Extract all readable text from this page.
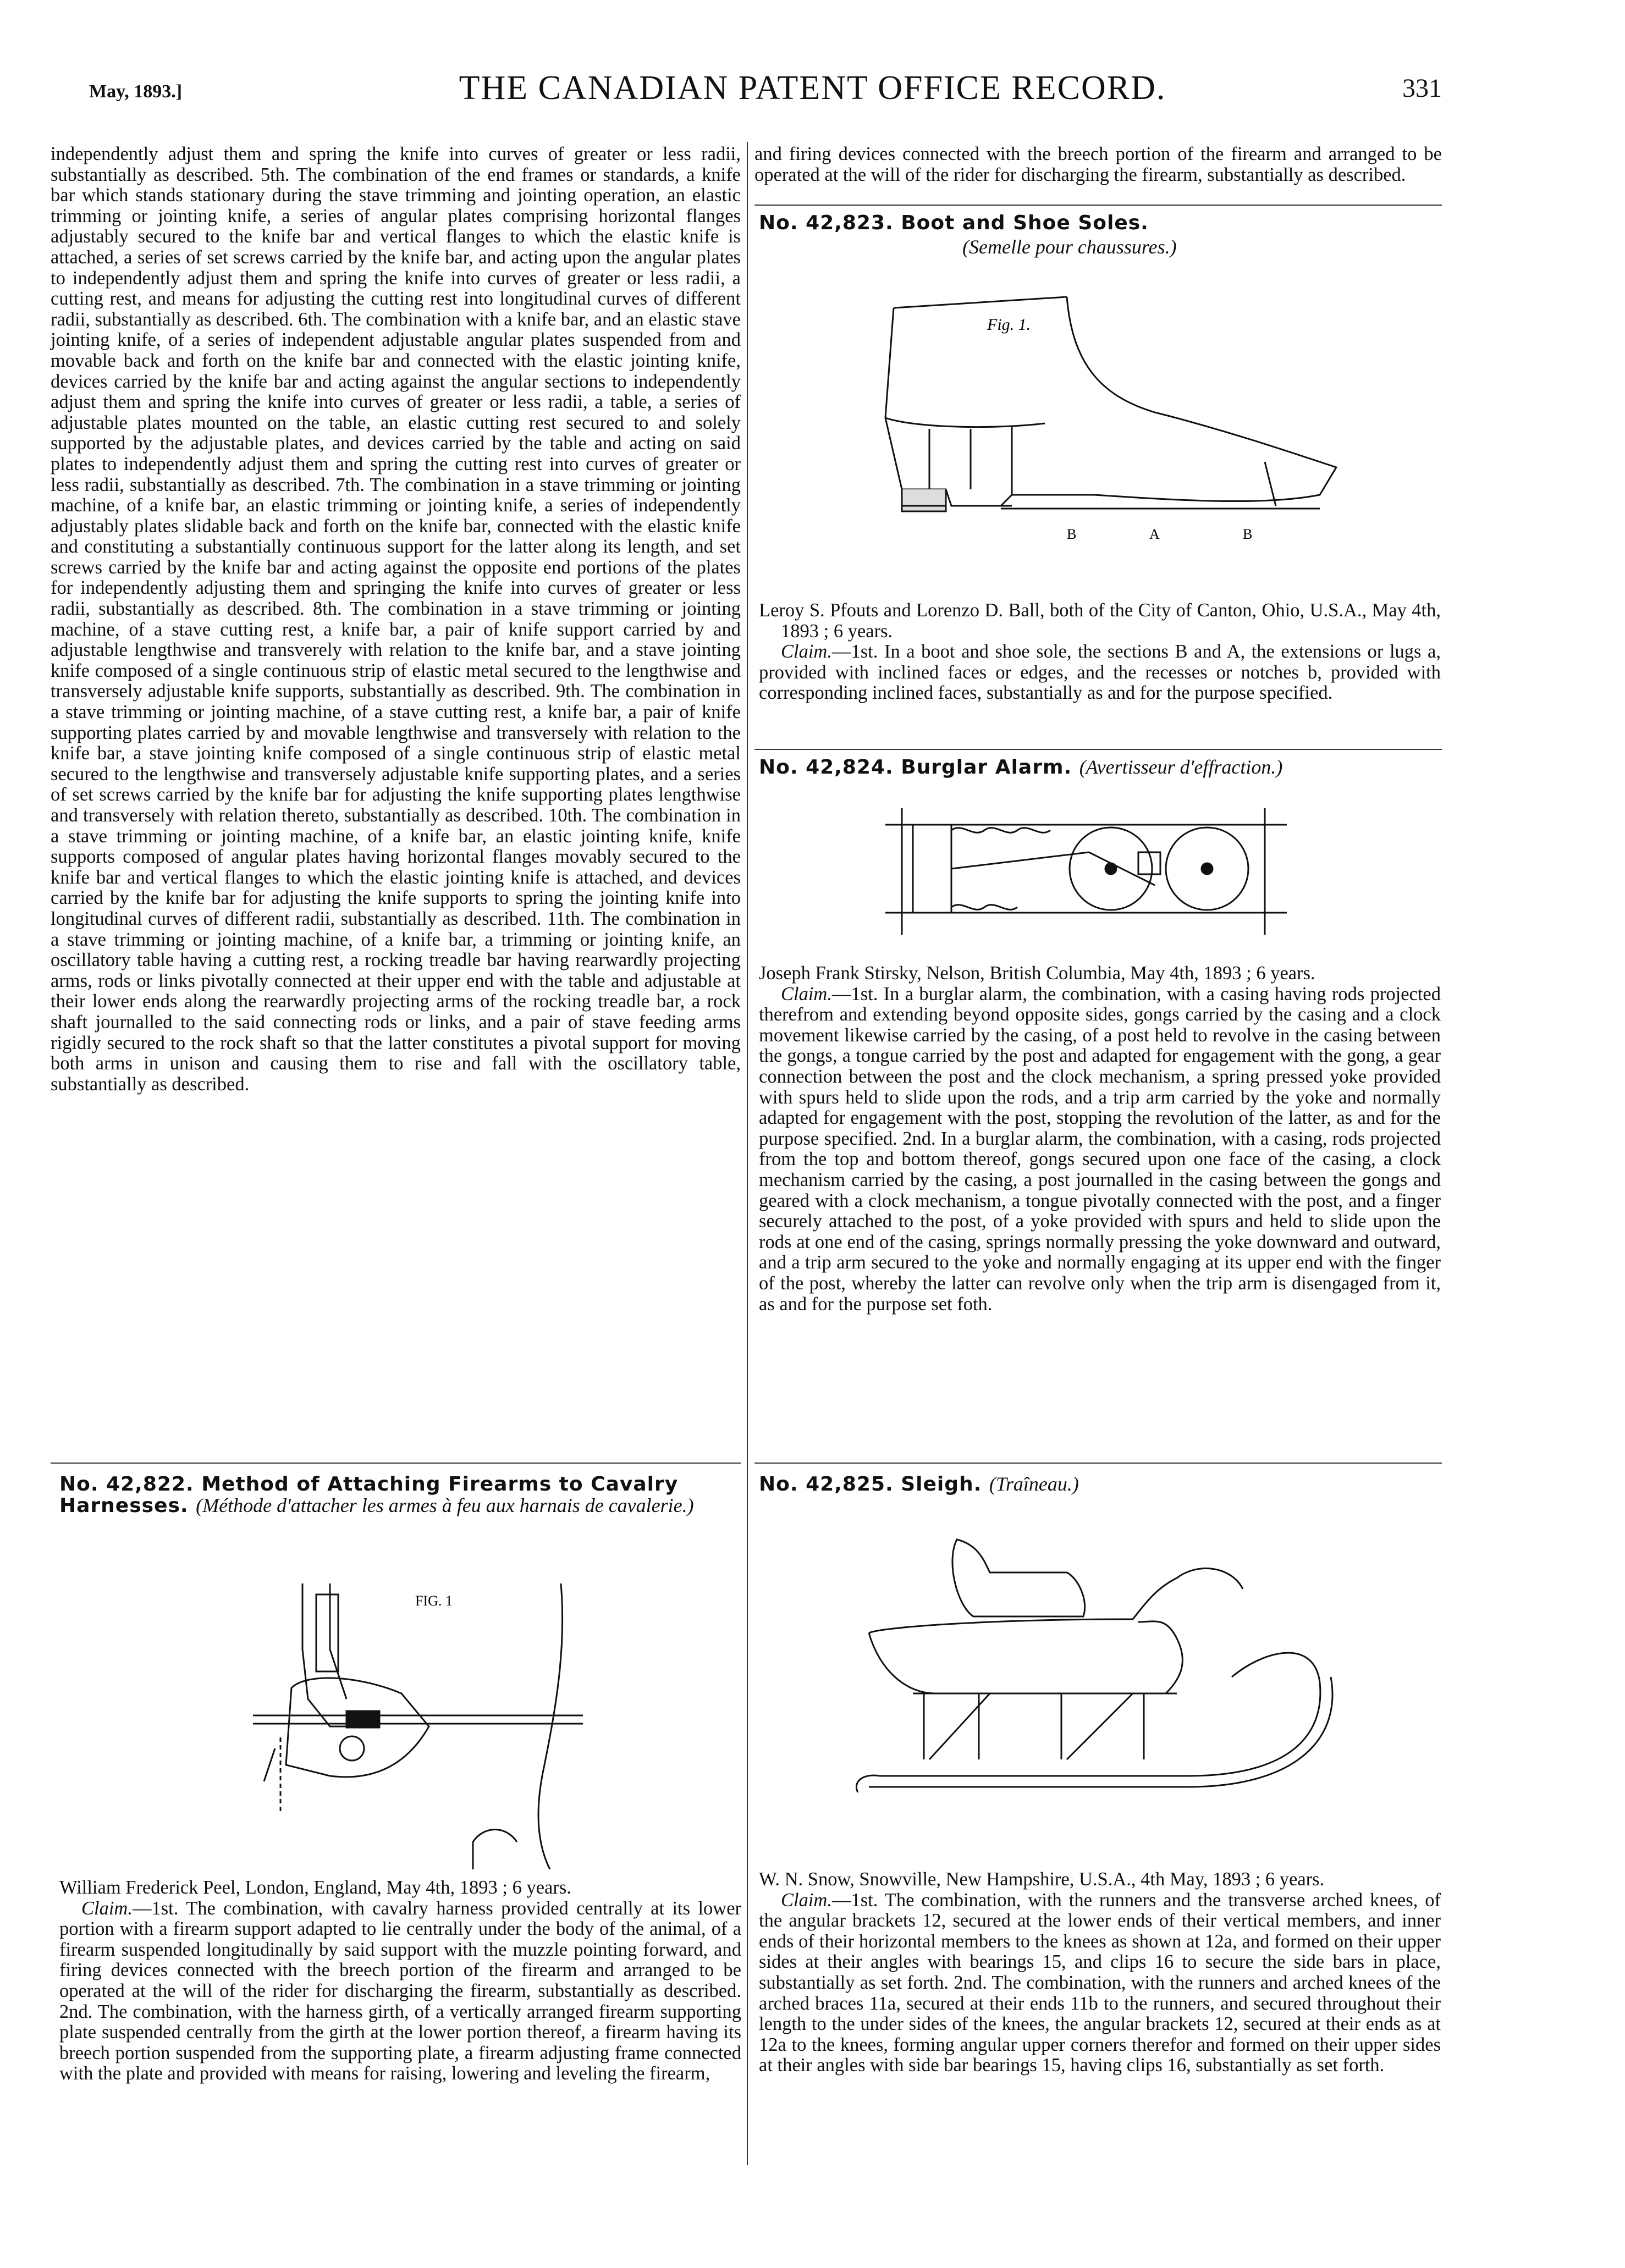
May, 1893.]	THE CANADIAN PATENT OFFICE RECORD.	331

independently adjust them and spring the knife into curves of greater or less radii, substantially as described. 5th. The combination of the end frames or standards, a knife bar which stands stationary during the stave trimming and jointing operation, an elastic trimming or jointing knife, a series of angular plates comprising horizontal flanges adjustably secured to the knife bar and vertical flanges to which the elastic knife is attached, a series of set screws carried by the knife bar, and acting upon the angular plates to independently adjust them and spring the knife into curves of greater or less radii, a cutting rest, and means for adjusting the cutting rest into longitudinal curves of different radii, substantially as described. 6th. The combination with a knife bar, and an elastic stave jointing knife, of a series of independent adjustable angular plates suspended from and movable back and forth on the knife bar and connected with the elastic jointing knife, devices carried by the knife bar and acting against the angular sections to independently adjust them and spring the knife into curves of greater or less radii, a table, a series of adjustable plates mounted on the table, an elastic cutting rest secured to and solely supported by the adjustable plates, and devices carried by the table and acting on said plates to independently adjust them and spring the cutting rest into curves of greater or less radii, substantially as described. 7th. The combination in a stave trimming or jointing machine, of a knife bar, an elastic trimming or jointing knife, a series of independently adjustably plates slidable back and forth on the knife bar, connected with the elastic knife and constituting a substantially continuous support for the latter along its length, and set screws carried by the knife bar and acting against the opposite end portions of the plates for independently adjusting them and springing the knife into curves of greater or less radii, substantially as described. 8th. The combination in a stave trimming or jointing machine, of a stave cutting rest, a knife bar, a pair of knife support carried by and adjustable lengthwise and transverely with relation to the knife bar, and a stave jointing knife composed of a single continuous strip of elastic metal secured to the lengthwise and transversely adjustable knife supports, substantially as described. 9th. The combination in a stave trimming or jointing machine, of a stave cutting rest, a knife bar, a pair of knife supporting plates carried by and movable lengthwise and transversely with relation to the knife bar, a stave jointing knife composed of a single continuous strip of elastic metal secured to the lengthwise and transversely adjustable knife supporting plates, and a series of set screws carried by the knife bar for adjusting the knife supporting plates lengthwise and transversely with relation thereto, substantially as described. 10th. The combination in a stave trimming or jointing machine, of a knife bar, an elastic jointing knife, knife supports composed of angular plates having horizontal flanges movably secured to the knife bar and vertical flanges to which the elastic jointing knife is attached, and devices carried by the knife bar for adjusting the knife supports to spring the jointing knife into longitudinal curves of different radii, substantially as described. 11th. The combination in a stave trimming or jointing machine, of a knife bar, a trimming or jointing knife, an oscillatory table having a cutting rest, a rocking treadle bar having rearwardly projecting arms, rods or links pivotally connected at their upper end with the table and adjustable at their lower ends along the rearwardly projecting arms of the rocking treadle bar, a rock shaft journalled to the said connecting rods or links, and a pair of stave feeding arms rigidly secured to the rock shaft so that the latter constitutes a pivotal support for moving both arms in unison and causing them to rise and fall with the oscillatory table, substantially as described.

No. 42,822. Method of Attaching Firearms to Cavalry Harnesses. (Méthode d'attacher les armes à feu aux harnais de cavalerie.)
FIG. 1

William Frederick Peel, London, England, May 4th, 1893 ; 6 years.

Claim.—1st. The combination, with cavalry harness provided centrally at its lower portion with a firearm support adapted to lie centrally under the body of the animal, of a firearm suspended longitudinally by said support with the muzzle pointing forward, and firing devices connected with the breech portion of the firearm and arranged to be operated at the will of the rider for discharging the firearm, substantially as described. 2nd. The combination, with the harness girth, of a vertically arranged firearm supporting plate suspended centrally from the girth at the lower portion thereof, a firearm having its breech portion suspended from the supporting plate, a firearm adjusting frame connected with the plate and provided with means for raising, lowering and leveling the firearm,

and firing devices connected with the breech portion of the firearm and arranged to be operated at the will of the rider for discharging the firearm, substantially as described.

No. 42,823. Boot and Shoe Soles.
(Semelle pour chaussures.)
Fig. 1.
B	A	B

Leroy S. Pfouts and Lorenzo D. Ball, both of the City of Canton, Ohio, U.S.A., May 4th, 1893 ; 6 years.

Claim.—1st. In a boot and shoe sole, the sections B and A, the extensions or lugs a, provided with inclined faces or edges, and the recesses or notches b, provided with corresponding inclined faces, substantially as and for the purpose specified.

No. 42,824. Burglar Alarm. (Avertisseur d'effraction.)

Joseph Frank Stirsky, Nelson, British Columbia, May 4th, 1893 ; 6 years.

Claim.—1st. In a burglar alarm, the combination, with a casing having rods projected therefrom and extending beyond opposite sides, gongs carried by the casing and a clock movement likewise carried by the casing, of a post held to revolve in the casing between the gongs, a tongue carried by the post and adapted for engagement with the gong, a gear connection between the post and the clock mechanism, a spring pressed yoke provided with spurs held to slide upon the rods, and a trip arm carried by the yoke and normally adapted for engagement with the post, stopping the revolution of the latter, as and for the purpose specified. 2nd. In a burglar alarm, the combination, with a casing, rods projected from the top and bottom thereof, gongs secured upon one face of the casing, a clock mechanism carried by the casing, a post journalled in the casing between the gongs and geared with a clock mechanism, a tongue pivotally connected with the post, and a finger securely attached to the post, of a yoke provided with spurs and held to slide upon the rods at one end of the casing, springs normally pressing the yoke downward and outward, and a trip arm secured to the yoke and normally engaging at its upper end with the finger of the post, whereby the latter can revolve only when the trip arm is disengaged from it, as and for the purpose set foth.

No. 42,825. Sleigh. (Traîneau.)

W. N. Snow, Snowville, New Hampshire, U.S.A., 4th May, 1893 ; 6 years.

Claim.—1st. The combination, with the runners and the transverse arched knees, of the angular brackets 12, secured at the lower ends of their vertical members, and inner ends of their horizontal members to the knees as shown at 12a, and formed on their upper sides at their angles with bearings 15, and clips 16 to secure the side bars in place, substantially as set forth. 2nd. The combination, with the runners and arched knees of the arched braces 11a, secured at their ends 11b to the runners, and secured throughout their length to the under sides of the knees, the angular brackets 12, secured at their ends as at 12a to the knees, forming angular upper corners therefor and formed on their upper sides at their angles with side bar bearings 15, having clips 16, substantially as set forth.
